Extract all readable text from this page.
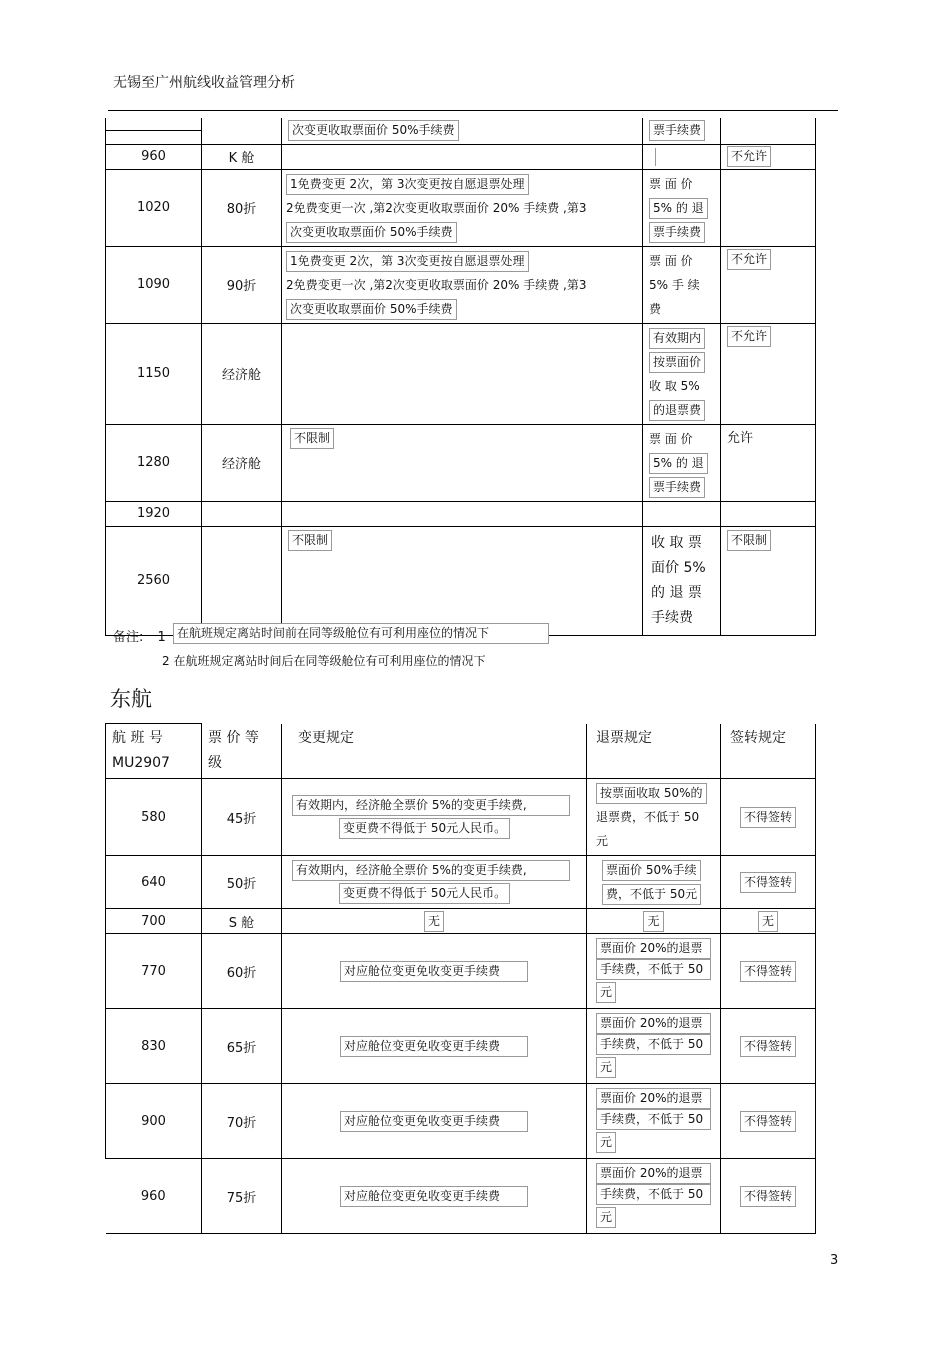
无锡至广州航线收益管理分析
		次变更收取票面价 50%手续费	票手续费	
960	K 舱			不允许
1020	80折	1免费变更 2次，第 3次变更按自愿退票处理
2免费变更一次 ,第2次变更收取票面价 20% 手续费 ,第3
次变更收取票面价 50%手续费	票 面 价
5% 的 退 票手续费	
1090	90折	1免费变更 2次，第 3次变更按自愿退票处理
2免费变更一次 ,第2次变更收取票面价 20% 手续费 ,第3
次变更收取票面价 50%手续费	票 面 价
5% 手 续
费	不允许
1150	经济舱		有效期内 按票面价
收 取 5%
的退票费	不允许
1280	经济舱	不限制	票 面 价
5% 的 退 票手续费	允许
1920				
2560		不限制	收 取 票
面价 5%
的 退 票
手续费	不限制
备注: 1 在航班规定离站时间前在同等级舱位有可利用座位的情况下
2 在航班规定离站时间后在同等级舱位有可利用座位的情况下
东航
航 班 号
MU2907	票 价 等
级	变更规定	退票规定	签转规定
580	45折	有效期内，经济舱全票价 5%的变更手续费,
变更费不得低于 50元人民币。	按票面收取 50%的
退票费，不低于 50
元	不得签转
640	50折	有效期内，经济舱全票价 5%的变更手续费,
变更费不得低于 50元人民币。	票面价 50%手续 费，不低于 50元	不得签转
700	S 舱	无	无	无
770	60折	对应舱位变更免收变更手续费	票面价 20%的退票
手续费，不低于 50
元	不得签转
830	65折	对应舱位变更免收变更手续费	票面价 20%的退票
手续费，不低于 50
元	不得签转
900	70折	对应舱位变更免收变更手续费	票面价 20%的退票
手续费，不低于 50
元	不得签转
960	75折	对应舱位变更免收变更手续费	票面价 20%的退票
手续费，不低于 50
元	不得签转
3
